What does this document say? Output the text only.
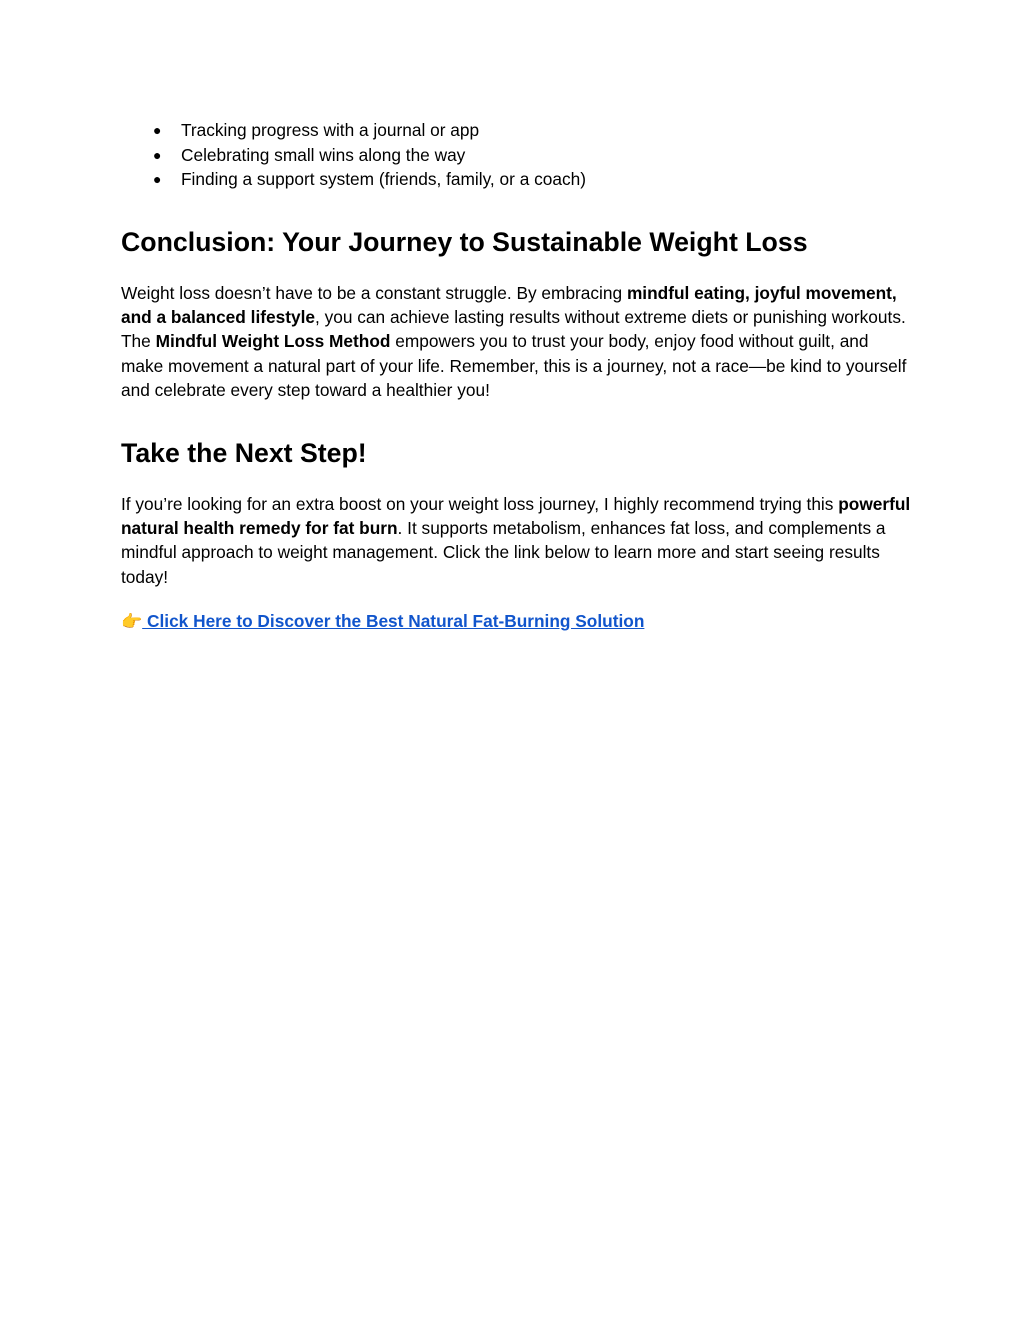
● Tracking progress with a journal or app
● Celebrating small wins along the way
● Finding a support system (friends, family, or a coach)
Conclusion: Your Journey to Sustainable Weight Loss

Weight loss doesn’t have to be a constant struggle. By embracing mindful eating, joyful movement, and a balanced lifestyle, you can achieve lasting results without extreme diets or punishing workouts. The Mindful Weight Loss Method empowers you to trust your body, enjoy food without guilt, and make movement a natural part of your life. Remember, this is a journey, not a race—be kind to yourself and celebrate every step toward a healthier you!

Take the Next Step!

If you’re looking for an extra boost on your weight loss journey, I highly recommend trying this powerful natural health remedy for fat burn. It supports metabolism, enhances fat loss, and complements a mindful approach to weight management. Click the link below to learn more and start seeing results today!

👉 Click Here to Discover the Best Natural Fat-Burning Solution
